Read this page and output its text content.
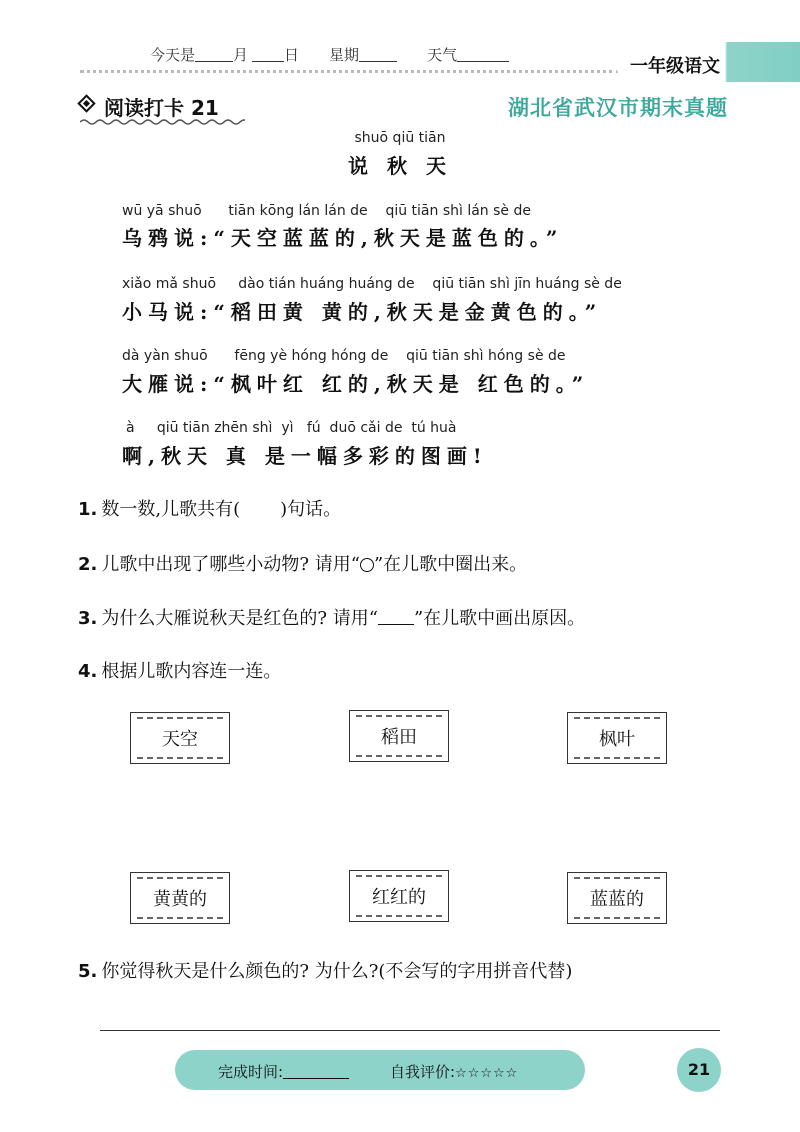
今天是	月 日 星期	天气
一年级语文
阅读打卡 21	湖北省武汉市期末真题
shuō qiū tiān
说 秋 天
wū yā shuō      tiān kōng lán lán de    qiū tiān shì lán sè de
乌鸦说:“天空蓝蓝的,秋天是蓝色的。”
xiǎo mǎ shuō     dào tián huáng huáng de    qiū tiān shì jīn huáng sè de
小马说:“稻田黄 黄的,秋天是金黄色的。”
dà yàn shuō      fēng yè hóng hóng de    qiū tiān shì hóng sè de
大雁说:“枫叶红 红的,秋天是 红色的。”
à     qiū tiān zhēn shì  yì   fú  duō cǎi de  tú huà
啊,秋天 真 是一幅多彩的图画!
1. 数一数,儿歌共有( )句话。
2. 儿歌中出现了哪些小动物? 请用“ ”在儿歌中圈出来。
3. 为什么大雁说秋天是红色的? 请用“ ”在儿歌中画出原因。
4. 根据儿歌内容连一连。
天空	稻田	枫叶
黄黄的	红红的	蓝蓝的
5. 你觉得秋天是什么颜色的? 为什么?(不会写的字用拼音代替)
完成时间:	自我评价:☆☆☆☆☆	21
